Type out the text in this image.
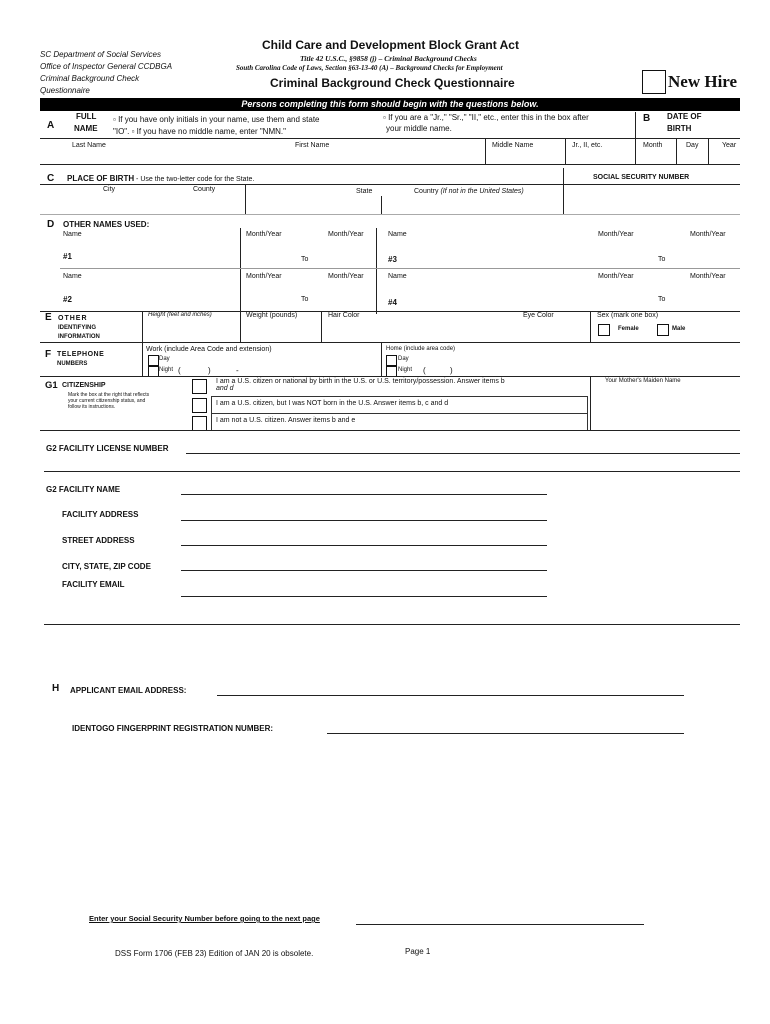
SC Department of Social Services
Office of Inspector General CCDBGA
Criminal Background Check
Questionnaire
Child Care and Development Block Grant Act
Title 42 U.S.C., §9858 (j) – Criminal Background Checks
South Carolina Code of Laws, Section §63-13-40 (A) – Background Checks for Employment
Criminal Background Check Questionnaire	New Hire
Persons completing this form should begin with the questions below.
A
FULL
NAME
▫ If you have only initials in your name, use them and state
"IO". ▫ If you have no middle name, enter "NMN."
▫ If you are a "Jr.," "Sr.," "II," etc., enter this in the box after
your middle name.
Last Name	First Name	Middle Name	Jr., II, etc.
B DATE OF
BIRTH
Month	Day	Year
C PLACE OF BIRTH - Use the two-letter code for the State.
City	County	State	Country (If not in the United States)
SOCIAL SECURITY NUMBER
D OTHER NAMES USED:
Name	Month/Year	Month/Year	Name	Month/Year	Month/Year
#1	To	#3	To
Name	Month/Year	Month/Year	Name	Month/Year	Month/Year
#2	To	#4	To
E OTHER
IDENTIFYING
INFORMATION
Height (feet and inches)	Weight (pounds)	Hair Color	Eye Color	Sex (mark one box)
Female	Male
F TELEPHONE
NUMBERS
Work (include Area Code and extension)
Day
Night (	)	-
Home (include area code)
Day
Night (	)
G1 CITIZENSHIP
Mark the box at the right that reflects
your current citizenship status, and
follow its instructions.
I am a U.S. citizen or national by birth in the U.S. or U.S. territory/possession. Answer items b
and d
I am a U.S. citizen, but I was NOT born in the U.S. Answer items b, c and d
I am not a U.S. citizen. Answer items b and e
Your Mother's Maiden Name
G2 FACILITY LICENSE NUMBER
G2 FACILITY NAME
FACILITY ADDRESS
STREET ADDRESS
CITY, STATE, ZIP CODE
FACILITY EMAIL
H APPLICANT EMAIL ADDRESS:
IDENTOGO FINGERPRINT REGISTRATION NUMBER:
Enter your Social Security Number before going to the next page
DSS Form 1706 (FEB 23) Edition of JAN 20 is obsolete.	Page 1
